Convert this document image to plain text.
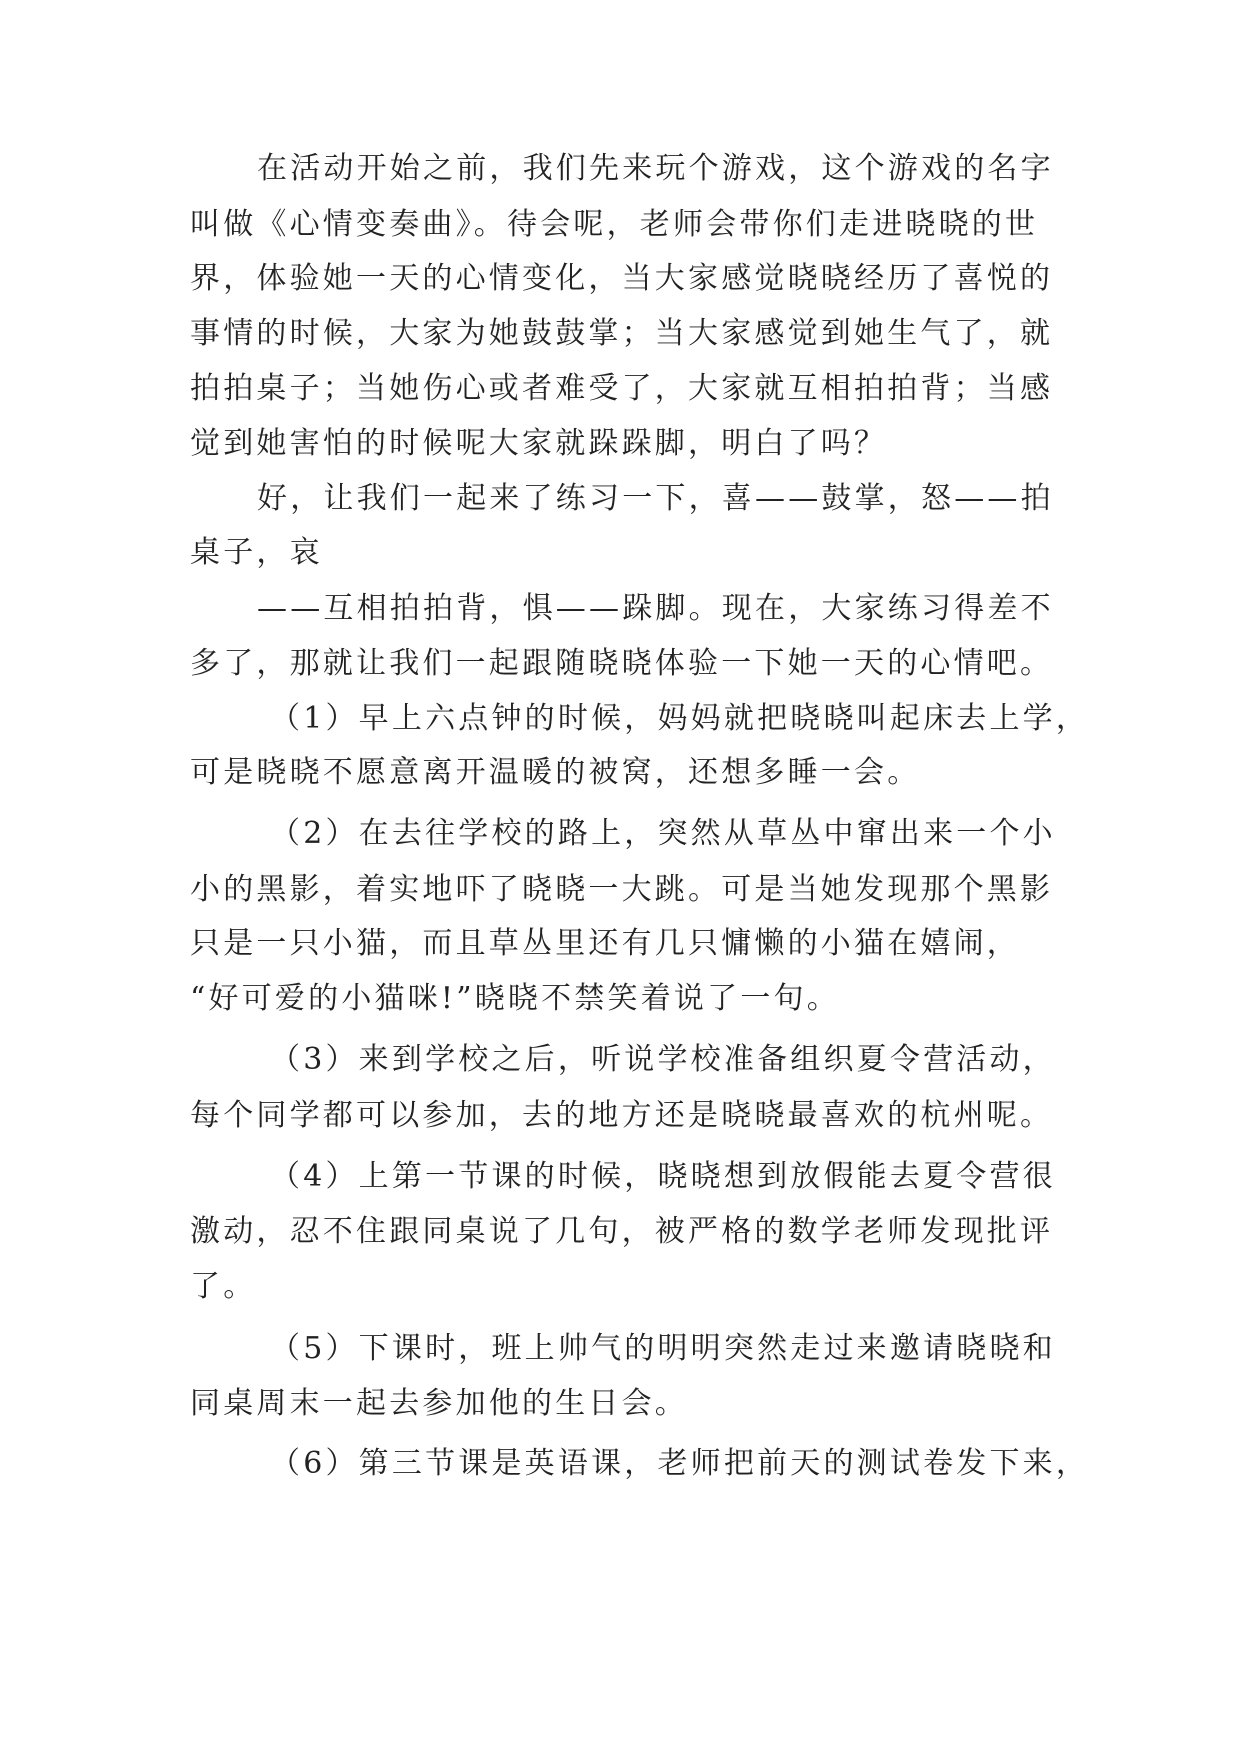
在活动开始之前，我们先来玩个游戏，这个游戏的名字
叫做《心情变奏曲》。待会呢，老师会带你们走进晓晓的世
界，体验她一天的心情变化，当大家感觉晓晓经历了喜悦的
事情的时候，大家为她鼓鼓掌；当大家感觉到她生气了，就
拍拍桌子；当她伤心或者难受了，大家就互相拍拍背；当感
觉到她害怕的时候呢大家就跺跺脚，明白了吗？
好，让我们一起来了练习一下，喜——鼓掌，怒——拍
桌子，哀
——互相拍拍背，惧——跺脚。现在，大家练习得差不
多了，那就让我们一起跟随晓晓体验一下她一天的心情吧。
（1）早上六点钟的时候，妈妈就把晓晓叫起床去上学，
可是晓晓不愿意离开温暖的被窝，还想多睡一会。
（2）在去往学校的路上，突然从草丛中窜出来一个小
小的黑影，着实地吓了晓晓一大跳。可是当她发现那个黑影
只是一只小猫，而且草丛里还有几只慵懒的小猫在嬉闹，
“好可爱的小猫咪!”晓晓不禁笑着说了一句。
（3）来到学校之后，听说学校准备组织夏令营活动，
每个同学都可以参加，去的地方还是晓晓最喜欢的杭州呢。
（4）上第一节课的时候，晓晓想到放假能去夏令营很
激动，忍不住跟同桌说了几句，被严格的数学老师发现批评
了。
（5）下课时，班上帅气的明明突然走过来邀请晓晓和
同桌周末一起去参加他的生日会。
（6）第三节课是英语课，老师把前天的测试卷发下来，
